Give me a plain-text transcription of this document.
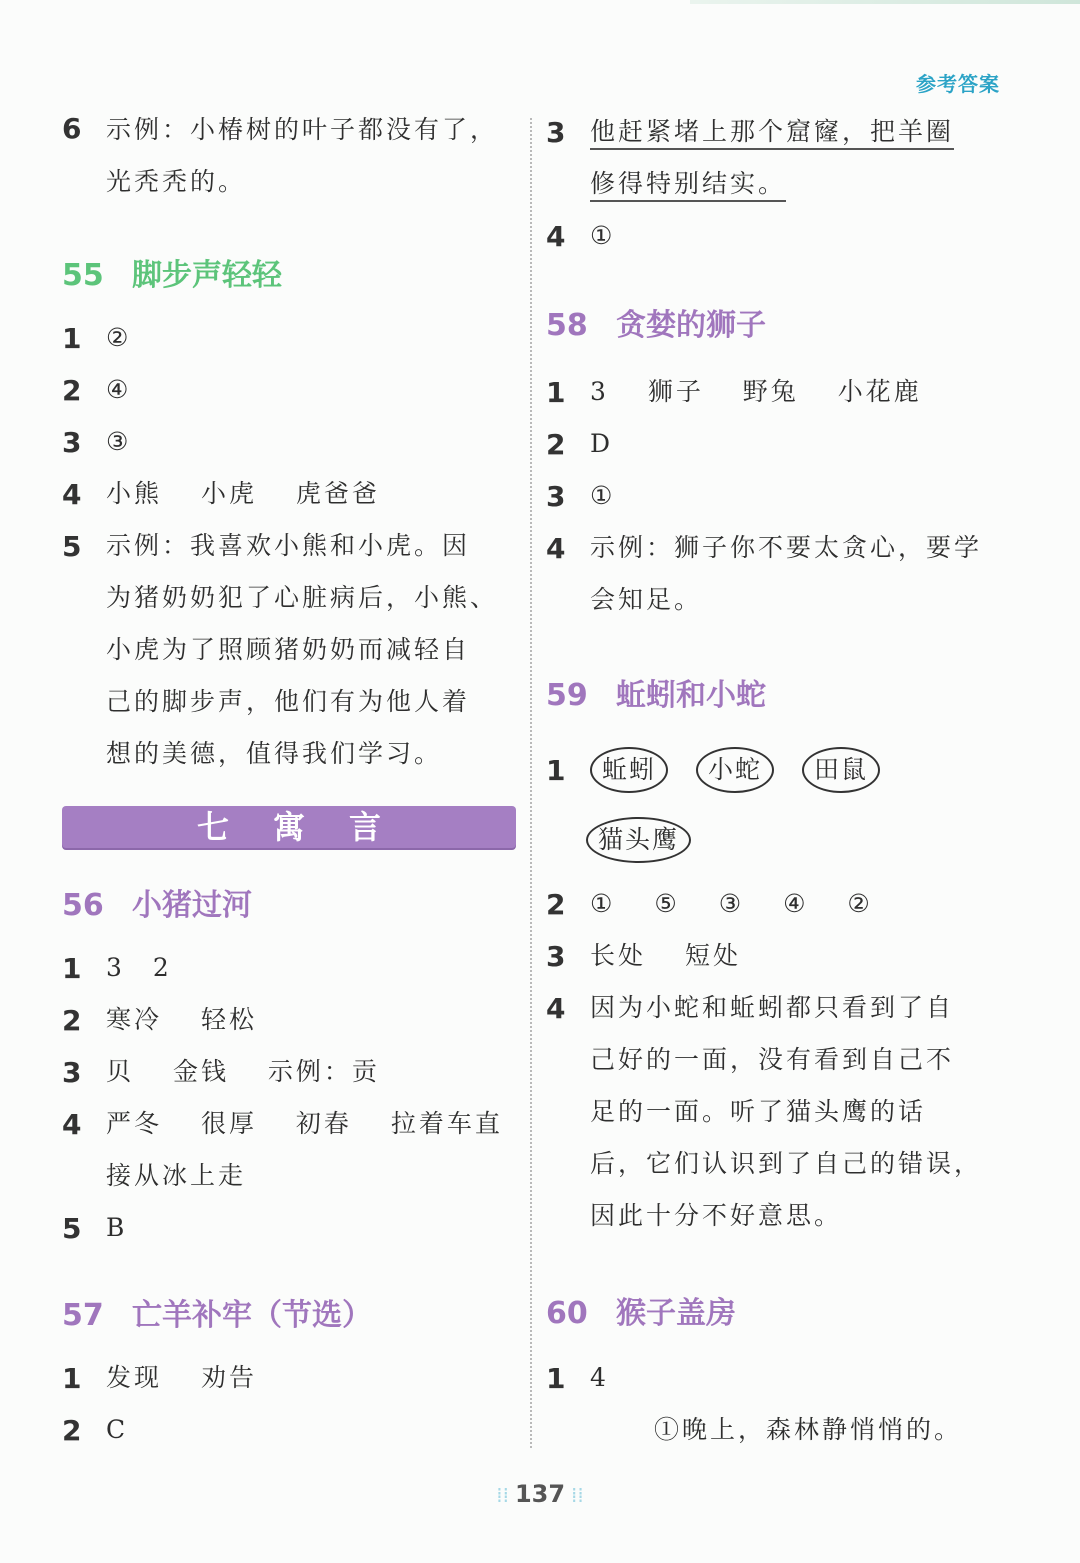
参考答案
6 示例：小椿树的叶子都没有了，
光秃秃的。
55 脚步声轻轻
1 ②
2 ④
3 ③
4 小熊　 小虎　 虎爸爸
5 示例：我喜欢小熊和小虎。因
为猪奶奶犯了心脏病后，小熊、
小虎为了照顾猪奶奶而减轻自
己的脚步声，他们有为他人着
想的美德，值得我们学习。
七寓言
56 小猪过河
1 3　2
2 寒冷　 轻松
3 贝　 金钱　 示例：贡
4 严冬　 很厚　 初春　 拉着车直
接从冰上走
5 B
57 亡羊补牢（节选）
1 发现　 劝告
2 C
3 他赶紧堵上那个窟窿，把羊圈
修得特别结实。
4 ①
58 贪婪的狮子
1 3　 狮子　 野兔　 小花鹿
2 D
3 ①
4 示例：狮子你不要太贪心，要学
会知足。
59 蚯蚓和小蛇
1	蚯蚓 小蛇 田鼠
猫头鹰
2 ①　 ⑤　 ③　 ④　 ②
3 长处　 短处
4 因为小蛇和蚯蚓都只看到了自
己好的一面，没有看到自己不
足的一面。听了猫头鹰的话
后，它们认识到了自己的错误，
因此十分不好意思。
60 猴子盖房
1 4
①晚上，森林静悄悄的。
⁞⁞ 137 ⁞⁞
